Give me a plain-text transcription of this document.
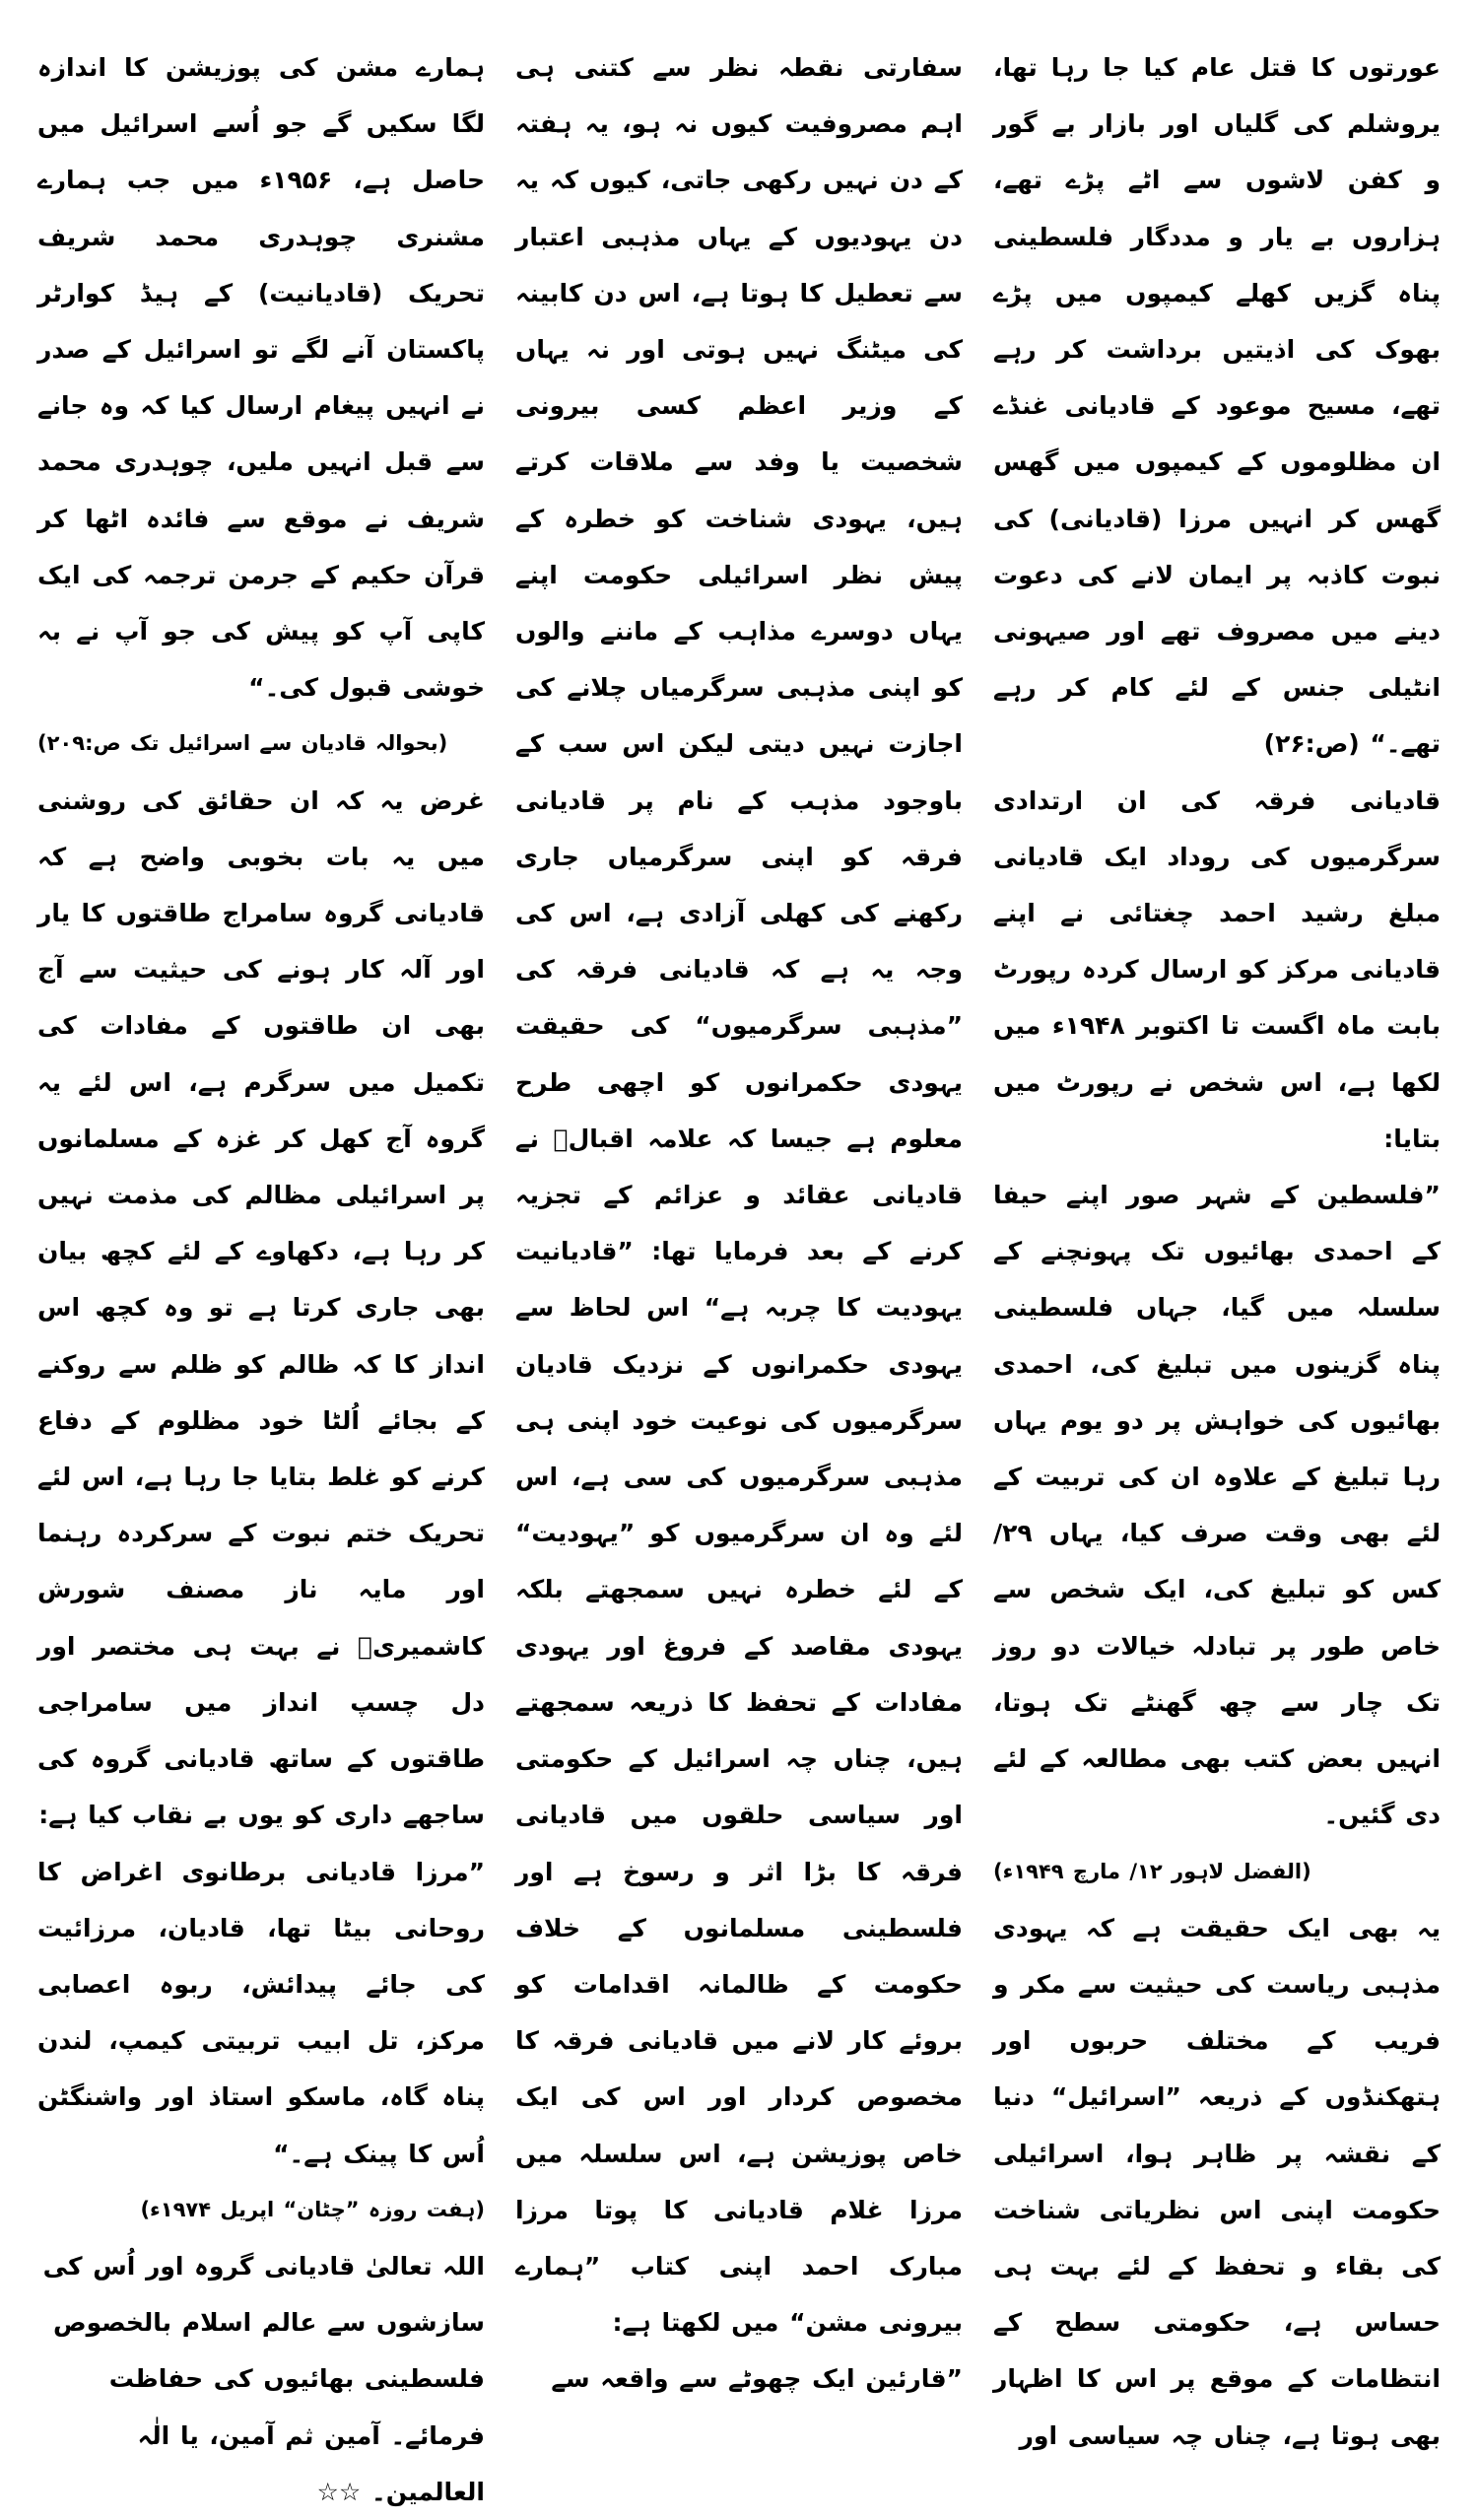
عورتوں کا قتل عام کیا جا رہا تھا، یروشلم کی گلیاں اور بازار بے گور و کفن لاشوں سے اٹے پڑے تھے، ہزاروں بے یار و مددگار فلسطینی پناہ گزیں کھلے کیمپوں میں پڑے بھوک کی اذیتیں برداشت کر رہے تھے، مسیح موعود کے قادیانی غنڈے ان مظلوموں کے کیمپوں میں گھس گھس کر انہیں مرزا (قادیانی) کی نبوت کاذبہ پر ایمان لانے کی دعوت دینے میں مصروف تھے اور صیہونی انٹیلی جنس کے لئے کام کر رہے تھے۔“ (ص:۲۶)

قادیانی فرقہ کی ان ارتدادی سرگرمیوں کی روداد ایک قادیانی مبلغ رشید احمد چغتائی نے اپنے قادیانی مرکز کو ارسال کردہ رپورٹ بابت ماہ اگست تا اکتوبر ۱۹۴۸ء میں لکھا ہے، اس شخص نے رپورٹ میں بتایا:

”فلسطین کے شہر صور اپنے حیفا کے احمدی بھائیوں تک پہونچنے کے سلسلہ میں گیا، جہاں فلسطینی پناہ گزینوں میں تبلیغ کی، احمدی بھائیوں کی خواہش پر دو یوم یہاں رہا تبلیغ کے علاوہ ان کی تربیت کے لئے بھی وقت صرف کیا، یہاں ۲۹/کس کو تبلیغ کی، ایک شخص سے خاص طور پر تبادلہ خیالات دو روز تک چار سے چھ گھنٹے تک ہوتا، انہیں بعض کتب بھی مطالعہ کے لئے دی گئیں۔

(الفضل لاہور ۱۲/ مارچ ۱۹۴۹ء)

یہ بھی ایک حقیقت ہے کہ یہودی مذہبی ریاست کی حیثیت سے مکر و فریب کے مختلف حربوں اور ہتھکنڈوں کے ذریعہ ”اسرائیل“ دنیا کے نقشہ پر ظاہر ہوا، اسرائیلی حکومت اپنی اس نظریاتی شناخت کی بقاء و تحفظ کے لئے بہت ہی حساس ہے، حکومتی سطح کے انتظامات کے موقع پر اس کا اظہار بھی ہوتا ہے، چناں چہ سیاسی اور

سفارتی نقطہ نظر سے کتنی ہی اہم مصروفیت کیوں نہ ہو، یہ ہفتہ کے دن نہیں رکھی جاتی، کیوں کہ یہ دن یہودیوں کے یہاں مذہبی اعتبار سے تعطیل کا ہوتا ہے، اس دن کابینہ کی میٹنگ نہیں ہوتی اور نہ یہاں کے وزیر اعظم کسی بیرونی شخصیت یا وفد سے ملاقات کرتے ہیں، یہودی شناخت کو خطرہ کے پیش نظر اسرائیلی حکومت اپنے یہاں دوسرے مذاہب کے ماننے والوں کو اپنی مذہبی سرگرمیاں چلانے کی اجازت نہیں دیتی لیکن اس سب کے باوجود مذہب کے نام پر قادیانی فرقہ کو اپنی سرگرمیاں جاری رکھنے کی کھلی آزادی ہے، اس کی وجہ یہ ہے کہ قادیانی فرقہ کی ”مذہبی سرگرمیوں“ کی حقیقت یہودی حکمرانوں کو اچھی طرح معلوم ہے جیسا کہ علامہ اقبالؒ نے قادیانی عقائد و عزائم کے تجزیہ کرنے کے بعد فرمایا تھا: ”قادیانیت یہودیت کا چربہ ہے“ اس لحاظ سے یہودی حکمرانوں کے نزدیک قادیان سرگرمیوں کی نوعیت خود اپنی ہی مذہبی سرگرمیوں کی سی ہے، اس لئے وہ ان سرگرمیوں کو ”یہودیت“ کے لئے خطرہ نہیں سمجھتے بلکہ یہودی مقاصد کے فروغ اور یہودی مفادات کے تحفظ کا ذریعہ سمجھتے ہیں، چناں چہ اسرائیل کے حکومتی اور سیاسی حلقوں میں قادیانی فرقہ کا بڑا اثر و رسوخ ہے اور فلسطینی مسلمانوں کے خلاف حکومت کے ظالمانہ اقدامات کو بروئے کار لانے میں قادیانی فرقہ کا مخصوص کردار اور اس کی ایک خاص پوزیشن ہے، اس سلسلہ میں مرزا غلام قادیانی کا پوتا مرزا مبارک احمد اپنی کتاب ”ہمارے بیرونی مشن“ میں لکھتا ہے:

”قارئین ایک چھوٹے سے واقعہ سے

ہمارے مشن کی پوزیشن کا اندازہ لگا سکیں گے جو اُسے اسرائیل میں حاصل ہے، ۱۹۵۶ء میں جب ہمارے مشنری چوہدری محمد شریف تحریک (قادیانیت) کے ہیڈ کوارٹر پاکستان آنے لگے تو اسرائیل کے صدر نے انہیں پیغام ارسال کیا کہ وہ جانے سے قبل انہیں ملیں، چوہدری محمد شریف نے موقع سے فائدہ اٹھا کر قرآن حکیم کے جرمن ترجمہ کی ایک کاپی آپ کو پیش کی جو آپ نے بہ خوشی قبول کی۔“

(بحوالہ قادیان سے اسرائیل تک ص:۲۰۹)

غرض یہ کہ ان حقائق کی روشنی میں یہ بات بخوبی واضح ہے کہ قادیانی گروہ سامراج طاقتوں کا یار اور آلہ کار ہونے کی حیثیت سے آج بھی ان طاقتوں کے مفادات کی تکمیل میں سرگرم ہے، اس لئے یہ گروہ آج کھل کر غزہ کے مسلمانوں پر اسرائیلی مظالم کی مذمت نہیں کر رہا ہے، دکھاوے کے لئے کچھ بیان بھی جاری کرتا ہے تو وہ کچھ اس انداز کا کہ ظالم کو ظلم سے روکنے کے بجائے اُلٹا خود مظلوم کے دفاع کرنے کو غلط بتایا جا رہا ہے، اس لئے تحریک ختم نبوت کے سرکردہ رہنما اور مایہ ناز مصنف شورش کاشمیریؒ نے بہت ہی مختصر اور دل چسپ انداز میں سامراجی طاقتوں کے ساتھ قادیانی گروہ کی ساجھے داری کو یوں بے نقاب کیا ہے:

”مرزا قادیانی برطانوی اغراض کا روحانی بیٹا تھا، قادیان، مرزائیت کی جائے پیدائش، ربوہ اعصابی مرکز، تل ابیب تربیتی کیمپ، لندن پناہ گاہ، ماسکو استاذ اور واشنگٹن اُس کا پینک ہے۔“

(ہفت روزہ ”چٹان“ اپریل ۱۹۷۴ء)

اللہ تعالیٰ قادیانی گروہ اور اُس کی سازشوں سے عالم اسلام بالخصوص فلسطینی بھائیوں کی حفاظت فرمائے۔ آمین ثم آمین، یا الٰہ العالمین۔ ☆☆
